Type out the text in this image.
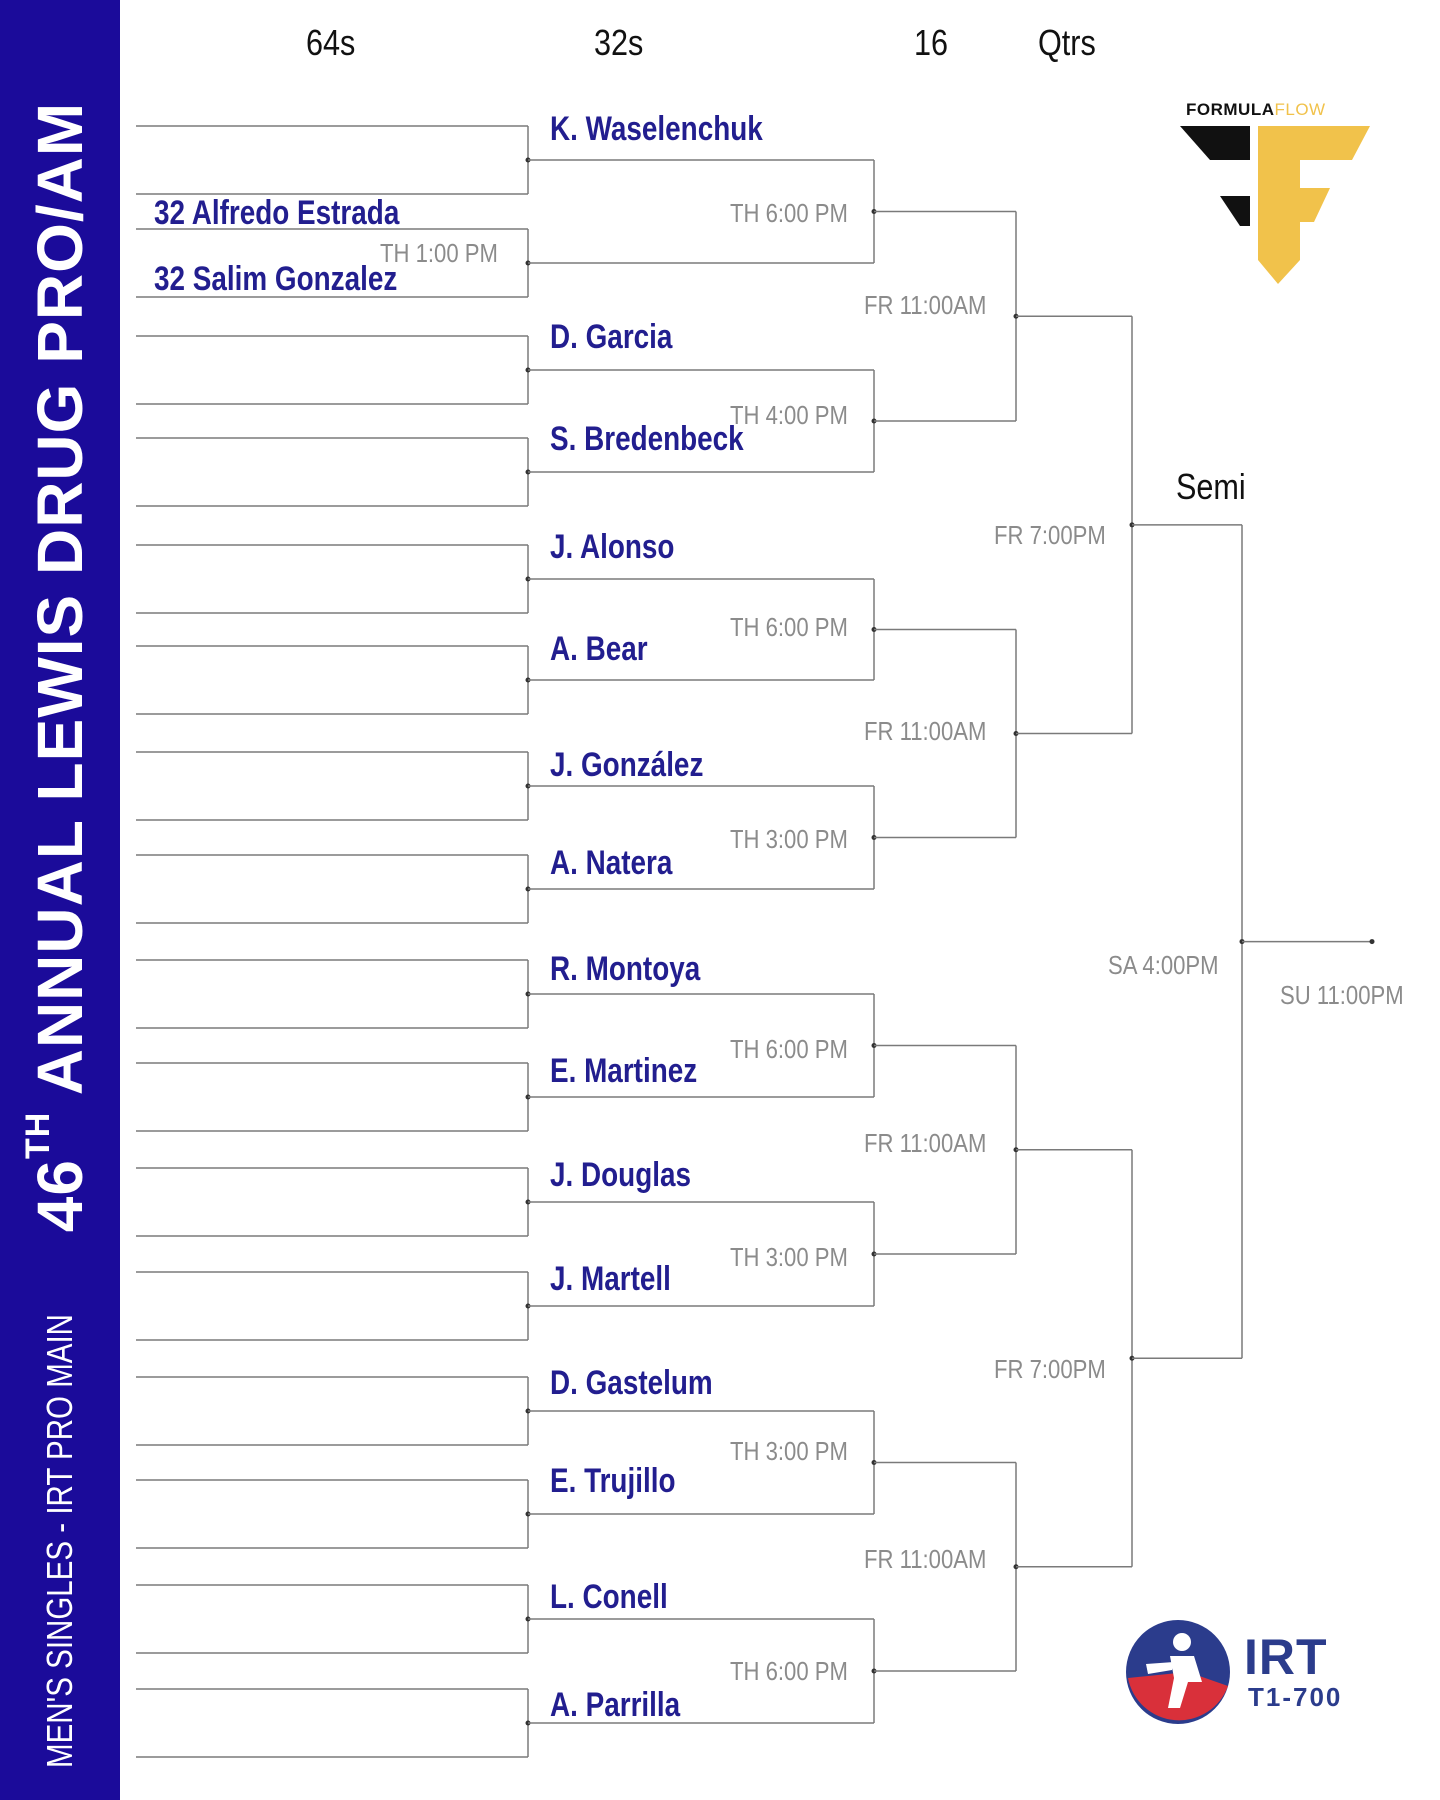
46TH ANNUAL LEWIS DRUG PRO/AM
MEN'S SINGLES - IRT PRO MAIN
64s	32s	16 Qtrs
Semi
32 Alfredo Estrada
32 Salim Gonzalez
TH 1:00 PM
K. Waselenchuk
D. Garcia
S. Bredenbeck
J. Alonso
A. Bear
J. González
A. Natera
R. Montoya
E. Martinez
J. Douglas
J. Martell
D. Gastelum
E. Trujillo
L. Conell
A. Parrilla
TH 6:00 PM
TH 4:00 PM
TH 6:00 PM
TH 3:00 PM
TH 6:00 PM
TH 3:00 PM
TH 3:00 PM
TH 6:00 PM
FR 11:00AM
FR 11:00AM
FR 11:00AM
FR 11:00AM
FR 7:00PM
FR 7:00PM
SA 4:00PM
SU 11:00PM
FORMULAFLOW
IRT
T1-700
